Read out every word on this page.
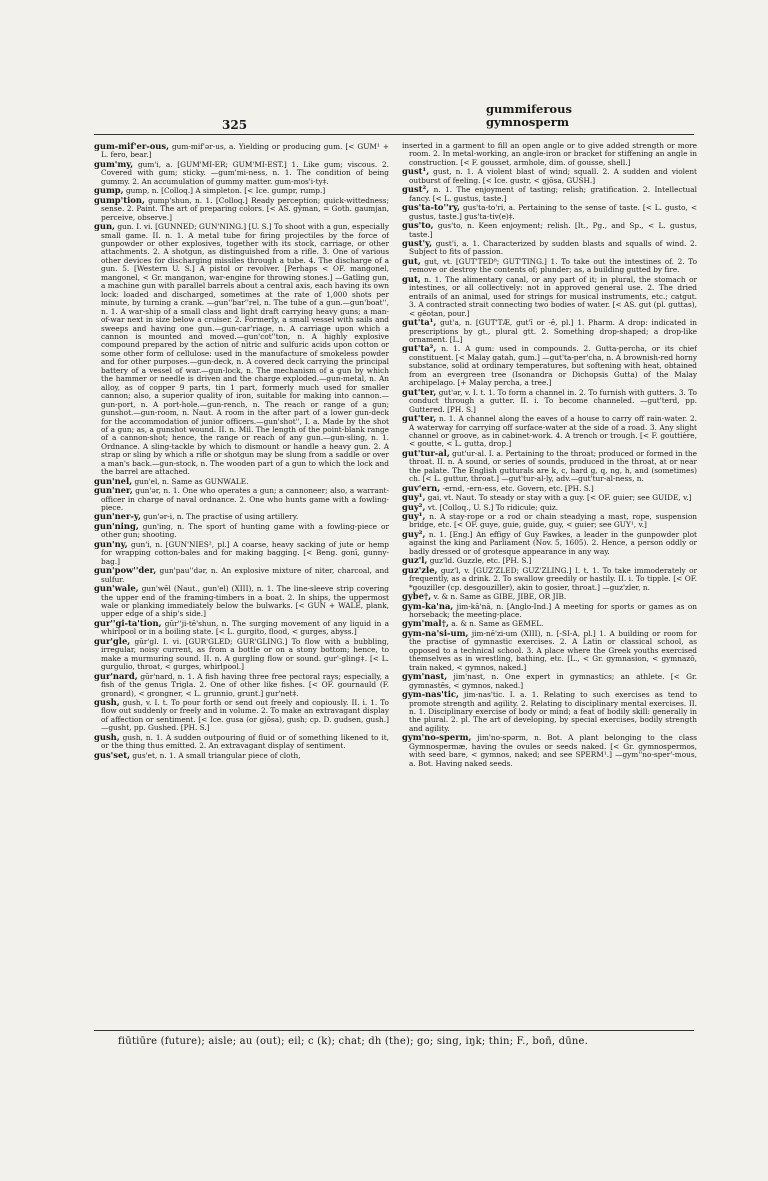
325
gummiferous
gymnosperm

gum-mif'er-ous, gum-mif'ər-us, a. Yielding or producing gum. [< GUM¹ + L. fero, bear.]

gum'my, gum'i, a. [GUM'MI-ER; GUM'MI-EST.] 1. Like gum; viscous. 2. Covered with gum; sticky. —gum'mi-ness, n. 1. The condition of being gummy. 2. An accumulation of gummy matter. gum-mos'i-ty‡.

gump, gump, n. [Colloq.] A simpleton. [< Ice. gumpr, rump.]

gump'tion, gump'shun, n. 1. [Colloq.] Ready perception; quick-wittedness; sense. 2. Paint. The art of preparing colors. [< AS. gȳman, = Goth. gaumjan, perceive, observe.]

gun, gun. I. vi. [GUNNED; GUN'NING.] [U. S.] To shoot with a gun, especially small game. II. n. 1. A metal tube for firing projectiles by the force of gunpowder or other explosives, together with its stock, carriage, or other attachments. 2. A shotgun, as distinguished from a rifle. 3. One of various other devices for discharging missiles through a tube. 4. The discharge of a gun. 5. [Western U. S.] A pistol or revolver. [Perhaps < OF. mangonel, mangonel, < Gr. manganon, war-engine for throwing stones.] —Gatling gun, a machine gun with parallel barrels about a central axis, each having its own lock: loaded and discharged, sometimes at the rate of 1,000 shots per minute, by turning a crank. —gun''bar''rel, n. The tube of a gun.—gun'boat'', n. 1. A war-ship of a small class and light draft carrying heavy guns; a man-of-war next in size below a cruiser. 2. Formerly, a small vessel with sails and sweeps and having one gun.—gun-car'riage, n. A carriage upon which a cannon is mounted and moved.—gun'cot''ton, n. A highly explosive compound prepared by the action of nitric and sulfuric acids upon cotton or some other form of cellulose: used in the manufacture of smokeless powder and for other purposes.—gun-deck, n. A covered deck carrying the principal battery of a vessel of war.—gun-lock, n. The mechanism of a gun by which the hammer or needle is driven and the charge exploded.—gun-metal, n. An alloy, as of copper 9 parts, tin 1 part, formerly much used for smaller cannon; also, a superior quality of iron, suitable for making into cannon.—gun-port, n. A port-hole.—gun-rench, n. The reach or range of a gun; gunshot.—gun-room, n. Naut. A room in the after part of a lower gun-deck for the accommodation of junior officers.—gun'shot'', I. a. Made by the shot of a gun; as, a gunshot wound. II. n. Mil. The length of the point-blank range of a cannon-shot; hence, the range or reach of any gun.—gun-sling, n. 1. Ordnance. A sling-tackle by which to dismount or handle a heavy gun. 2. A strap or sling by which a rifle or shotgun may be slung from a saddle or over a man's back.—gun-stock, n. The wooden part of a gun to which the lock and the barrel are attached.

gun'nel, gun'el, n. Same as GUNWALE.

gun'ner, gun'ər, n. 1. One who operates a gun; a cannoneer; also, a warrant-officer in charge of naval ordnance. 2. One who hunts game with a fowling-piece.

gun'ner-y, gun'ər-i, n. The practise of using artillery.

gun'ning, gun'ing, n. The sport of hunting game with a fowling-piece or other gun; shooting.

gun'ny, gun'i, n. [GUN'NIES², pl.] A coarse, heavy sacking of jute or hemp for wrapping cotton-bales and for making bagging. [< Beng. gonī, gunny-bag.]

gun'pow''der, gun'pau''dər, n. An explosive mixture of niter, charcoal, and sulfur.

gun'wale, gun'wēl (Naut., gun'el) (XIII), n. 1. The line-sleeve strip covering the upper end of the framing-timbers in a boat. 2. In ships, the uppermost wale or planking immediately below the bulwarks. [< GUN + WALE, plank, upper edge of a ship's side.]

gur''gi-ta'tion, gūr''ji-tē'shun, n. The surging movement of any liquid in a whirlpool or in a boiling state. [< L. gurgito, flood, < gurges, abyss.]

gur'gle, gūr'gl. I. vi. [GUR'GLED; GUR'GLING.] To flow with a bubbling, irregular, noisy current, as from a bottle or on a stony bottom; hence, to make a murmuring sound. II. n. A gurgling flow or sound. gur'-gling‡. [< L. gurgulio, throat, < gurges, whirlpool.]

gur'nard, gūr'nard, n. 1. A fish having three free pectoral rays; especially, a fish of the genus Trigla. 2. One of other like fishes. [< OF. gournauld (F. gronard), < grongner, < L. grunnio, grunt.] gur'net‡.

gush, gush, v. I. t. To pour forth or send out freely and copiously. II. i. 1. To flow out suddenly or freely and in volume. 2. To make an extravagant display of affection or sentiment. [< Ice. gusa (or gjōsa), gush; cp. D. gudsen, gush.] —gusht, pp. Gushed. [PH. S.]

gush, gush, n. 1. A sudden outpouring of fluid or of something likened to it, or the thing thus emitted. 2. An extravagant display of sentiment.

gus'set, gus'et, n. 1. A small triangular piece of cloth,

inserted in a garment to fill an open angle or to give added strength or more room. 2. In metal-working, an angle-iron or bracket for stiffening an angle in construction. [< F. gousset, armhole, dim. of gousse, shell.]

gust¹, gust, n. 1. A violent blast of wind; squall. 2. A sudden and violent outburst of feeling. [< Ice. gustr, < gjōsa, GUSH.]

gust², n. 1. The enjoyment of tasting; relish; gratification. 2. Intellectual fancy. [< L. gustus, taste.]

gus'ta-to''ry, gus'ta-to'ri, a. Pertaining to the sense of taste. [< L. gusto, < gustus, taste.] gus'ta-tiv(e)‡.

gus'to, gus'to, n. Keen enjoyment; relish. [It., Pg., and Sp., < L. gustus, taste.]

gust'y, gust'i, a. 1. Characterized by sudden blasts and squalls of wind. 2. Subject to fits of passion.

gut, gut, vt. [GUT'TED⁸; GUT'TING.] 1. To take out the intestines of. 2. To remove or destroy the contents of; plunder; as, a building gutted by fire.

gut, n. 1. The alimentary canal, or any part of it; in plural, the stomach or intestines, or all collectively: not in approved general use. 2. The dried entrails of an animal, used for strings for musical instruments, etc.; catgut. 3. A contracted strait connecting two bodies of water. [< AS. gut (pl. guttas), < gēotan, pour.]

gut'ta¹, gut'a, n. [GUT'TÆ, gut'ī or -ē, pl.] 1. Pharm. A drop: indicated in prescriptions by gt., plural gtt. 2. Something drop-shaped; a drop-like ornament. [L.]

gut'ta², n. 1. A gum: used in compounds. 2. Gutta-percha, or its chief constituent. [< Malay gatah, gum.] —gut'ta-per'cha, n. A brownish-red horny substance, solid at ordinary temperatures, but softening with heat, obtained from an evergreen tree (Isonandra or Dichopsis Gutta) of the Malay archipelago. [+ Malay percha, a tree.]

gut'ter, gut'ər, v. I. t. 1. To form a channel in. 2. To furnish with gutters. 3. To conduct through a gutter. II. i. To become channeled. —gut'terd, pp. Guttered. [PH. S.]

gut'ter, n. 1. A channel along the eaves of a house to carry off rain-water. 2. A waterway for carrying off surface-water at the side of a road. 3. Any slight channel or groove, as in cabinet-work. 4. A trench or trough. [< F. gouttière, < goutte, < L. gutta, drop.]

gut'tur-al, gut'ur-al. I. a. Pertaining to the throat; produced or formed in the throat. II. n. A sound, or series of sounds, produced in the throat, at or near the palate. The English gutturals are k, c, hard g, q, ng, h, and (sometimes) ch. [< L. guttur, throat.] —gut'tur-al-ly, adv.—gut'tur-al-ness, n.

guv'ern, -ernd, -ern-ess, etc. Govern, etc. [PH. S.]

guy¹, gai, vt. Naut. To steady or stay with a guy. [< OF. guier; see GUIDE, v.]

guy², vt. [Colloq., U. S.] To ridicule; quiz.

guy¹, n. A stay-rope or a rod or chain steadying a mast, rope, suspension bridge, etc. [< OF. guye, guie, guide, guy, < guier; see GUY¹, v.]

guy², n. 1. [Eng.] An effigy of Guy Fawkes, a leader in the gunpowder plot against the king and Parliament (Nov. 5, 1605). 2. Hence, a person oddly or badly dressed or of grotesque appearance in any way.

guz'l, guz'ld. Guzzle, etc. [PH. S.]

guz'zle, guz'l, v. [GUZ'ZLED; GUZ'ZLING.] I. t. 1. To take immoderately or frequently, as a drink. 2. To swallow greedily or hastily. II. i. To tipple. [< OF. *gouziller (cp. desgouziller), akin to gosier, throat.] —guz'zler, n.

gybe†, v. & n. Same as GIBE, JIBE, OR JIB.

gym-ka'na, jim-kā'nā, n. [Anglo-Ind.] A meeting for sports or games as on horseback; the meeting-place.

gym'mal†, a. & n. Same as GEMEL.

gym-na'si-um, jim-nē'zi-um (XIII), n. [-SI-A, pl.] 1. A building or room for the practise of gymnastic exercises. 2. A Latin or classical school, as opposed to a technical school. 3. A place where the Greek youths exercised themselves as in wrestling, bathing, etc. [L., < Gr. gymnasion, < gymnazō, train naked, < gymnos, naked.]

gym'nast, jim'nast, n. One expert in gymnastics; an athlete. [< Gr. gymnastēs, < gymnos, naked.]

gym-nas'tic, jim-nas'tic. I. a. 1. Relating to such exercises as tend to promote strength and agility. 2. Relating to disciplinary mental exercises. II. n. 1. Disciplinary exercise of body or mind; a feat of bodily skill: generally in the plural. 2. pl. The art of developing, by special exercises, bodily strength and agility.

gym'no-sperm, jim'no-spərm, n. Bot. A plant belonging to the class Gymnospermæ, having the ovules or seeds naked. [< Gr. gymnospermos, with seed bare, < gymnos, naked; and see SPERM¹.] —gym''no-sper'-mous, a. Bot. Having naked seeds.

fiūtiūre (future); aisle; au (out); eil; c (k); chat; dh (the); go; sing, iŋk; thin; F., boñ, dūne.
